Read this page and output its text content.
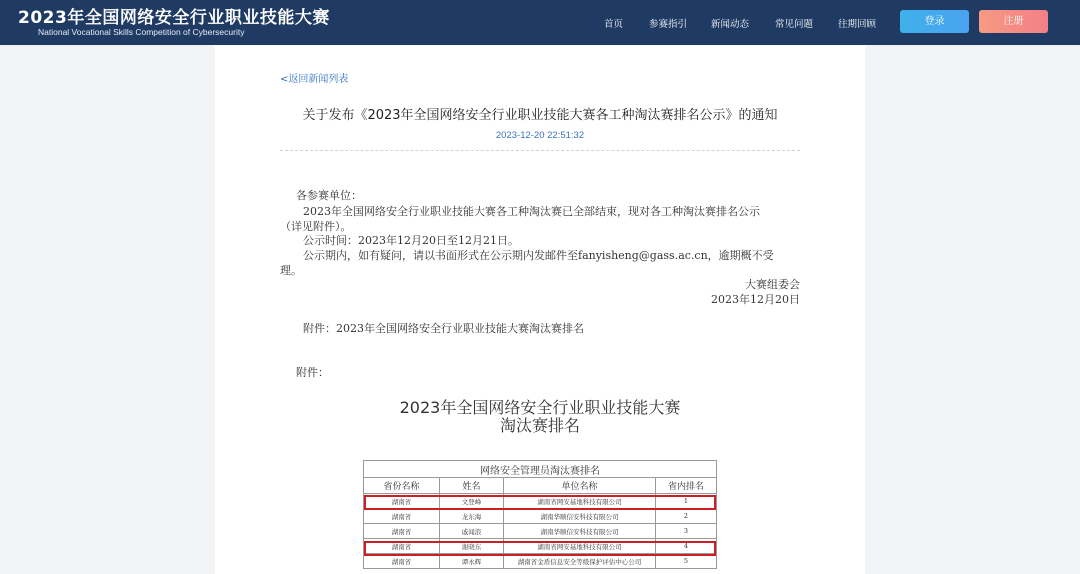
2023年全国网络安全行业职业技能大赛
National Vocational Skills Competition of Cybersecurity
首页	参赛指引	新闻动态	常见问题	往期回顾	登录	注册
<返回新闻列表
关于发布《2023年全国网络安全行业职业技能大赛各工种淘汰赛排名公示》的通知
2023-12-20 22:51:32
各参赛单位：
2023年全国网络安全行业职业技能大赛各工种淘汰赛已全部结束，现对各工种淘汰赛排名公示
（详见附件）。
公示时间：2023年12月20日至12月21日。
公示期内，如有疑问，请以书面形式在公示期内发邮件至fanyisheng@gass.ac.cn，逾期概不受
理。
大赛组委会
2023年12月20日
附件：2023年全国网络安全行业职业技能大赛淘汰赛排名
附件：
2023年全国网络安全行业职业技能大赛
淘汰赛排名
网络安全管理员淘汰赛排名			
省份名称	姓名	单位名称	省内排名
湖南省	文登峰	湖南省网安基地科技有限公司	1
湖南省	龙东海	湖南华顺信安科技有限公司	2
湖南省	戚闻浪	湖南华顺信安科技有限公司	3
湖南省	谢晓东	湖南省网安基地科技有限公司	4
湖南省	谭永辉	湖南省金盾信息安全等级保护评估中心公司	5
